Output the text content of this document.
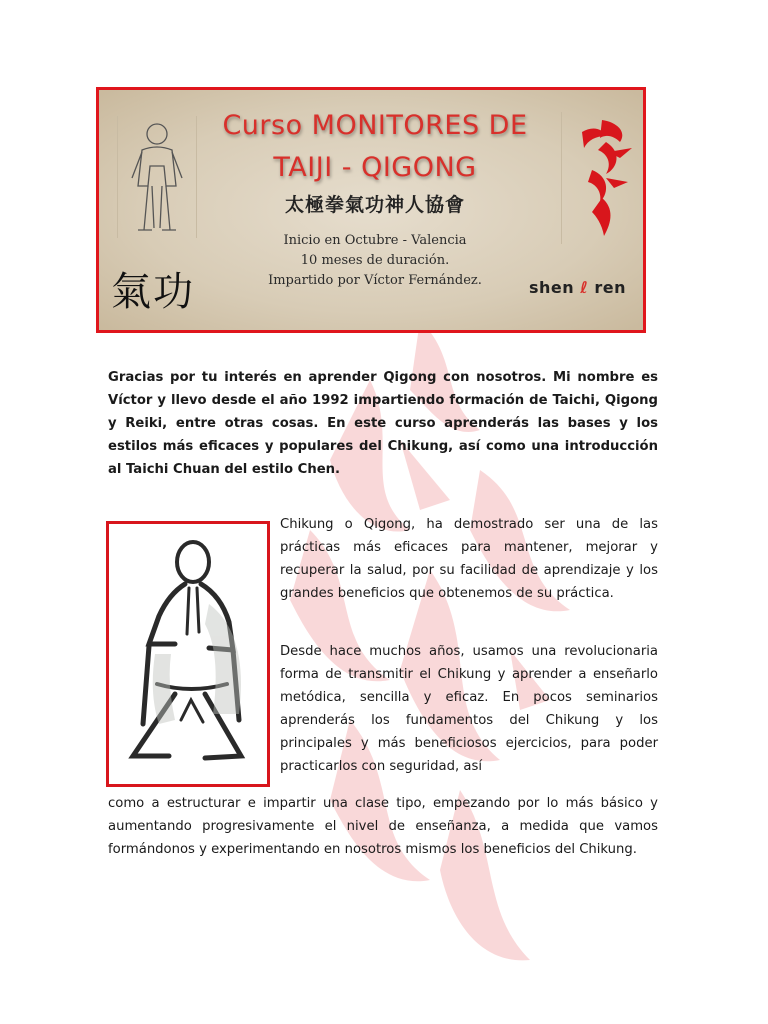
Curso MONITORES DE
TAIJI - QIGONG
太極拳氣功神人協會
Inicio en Octubre - Valencia
10 meses de duración.
Impartido por Víctor Fernández.
氣功	shen ℓ ren

Gracias por tu interés en aprender Qigong con nosotros. Mi nombre es Víctor y llevo desde el año 1992 impartiendo formación de Taichi, Qigong y Reiki, entre otras cosas. En este curso aprenderás las bases y los estilos más eficaces y populares del Chikung, así como una introducción al Taichi Chuan del estilo Chen.

Chikung o Qigong, ha demostrado ser una de las prácticas más eficaces para mantener, mejorar y recuperar la salud, por su facilidad de aprendizaje y los grandes beneficios que obtenemos de su práctica.

Desde hace muchos años, usamos una revolucionaria forma de transmitir el Chikung y aprender a enseñarlo metódica, sencilla y eficaz. En pocos seminarios aprenderás los fundamentos del Chikung y los principales y más beneficiosos ejercicios, para poder practicarlos con seguridad, así

como a estructurar e impartir una clase tipo, empezando por lo más básico y aumentando progresivamente el nivel de enseñanza, a medida que vamos formándonos y experimentando en nosotros mismos los beneficios del Chikung.
